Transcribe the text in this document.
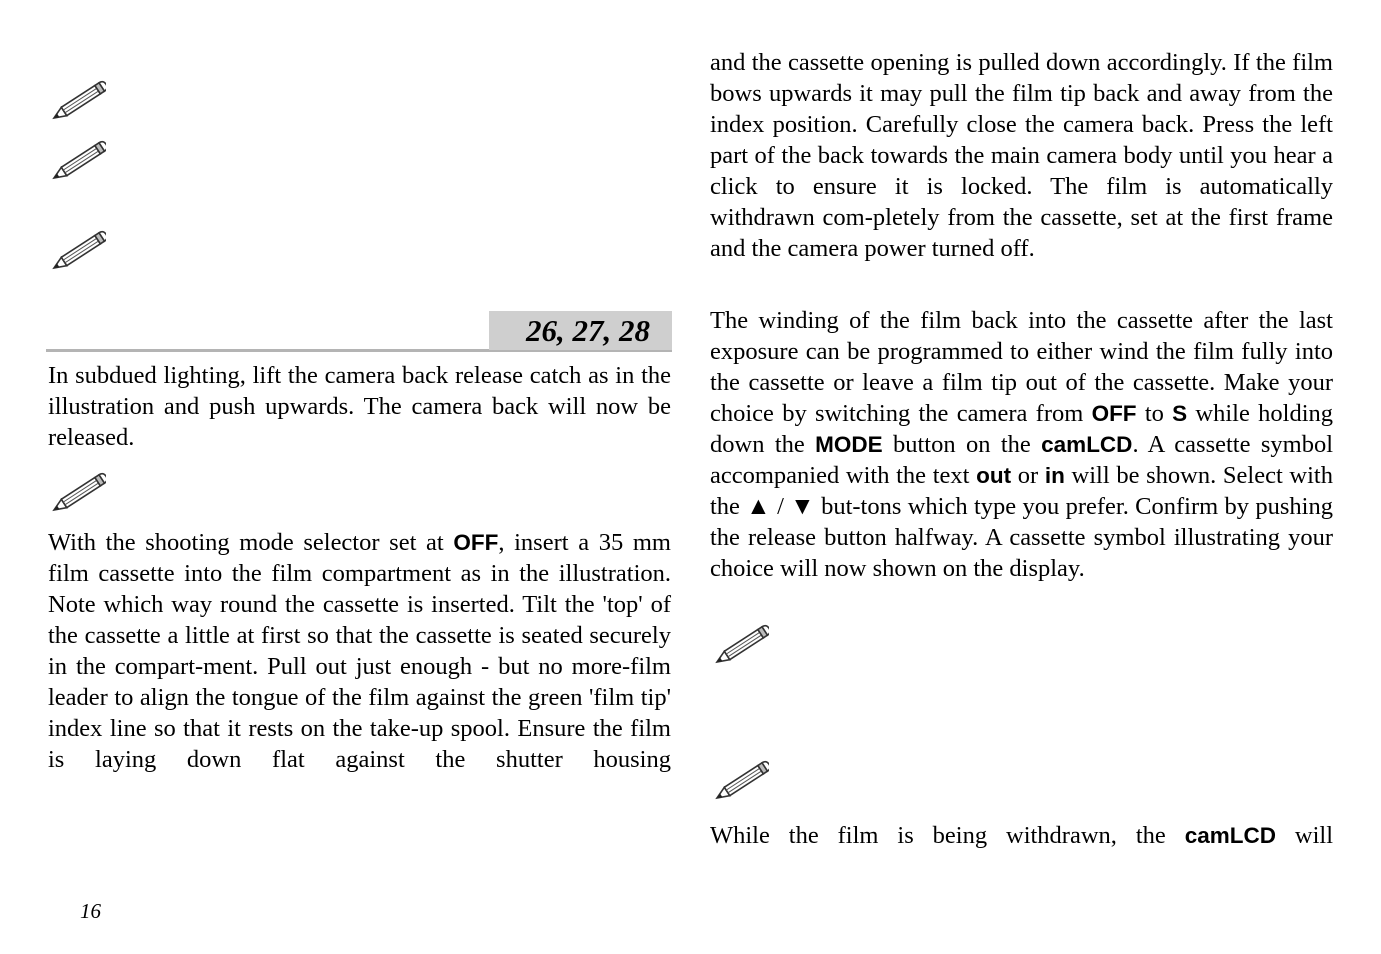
26, 27, 28

In subdued lighting, lift the camera back release catch as in the illustration and push upwards. The camera back will now be released.

With the shooting mode selector set at OFF, insert a 35 mm film cassette into the film compartment as in the illustration. Note which way round the cassette is inserted. Tilt the 'top' of the cassette a little at first so that the cassette is seated securely in the compart-ment. Pull out just enough - but no more-film leader to align the tongue of the film against the green 'film tip' index line so that it rests on the take-up spool. Ensure the film is laying down flat against the shutter housing

and the cassette opening is pulled down accordingly. If the film bows upwards it may pull the film tip back and away from the index position. Carefully close the camera back. Press the left part of the back towards the main camera body until you hear a click to ensure it is locked. The film is automatically withdrawn com-pletely from the cassette, set at the first frame and the camera power turned off.

The winding of the film back into the cassette after the last exposure can be programmed to either wind the film fully into the cassette or leave a film tip out of the cassette. Make your choice by switching the camera from OFF to S while holding down the MODE button on the camLCD. A cassette symbol accompanied with the text out or in will be shown. Select with the ▲ / ▼ but-tons which type you prefer. Confirm by pushing the release button halfway. A cassette symbol illustrating your choice will now shown on the display.

While the film is being withdrawn, the camLCD will

16
